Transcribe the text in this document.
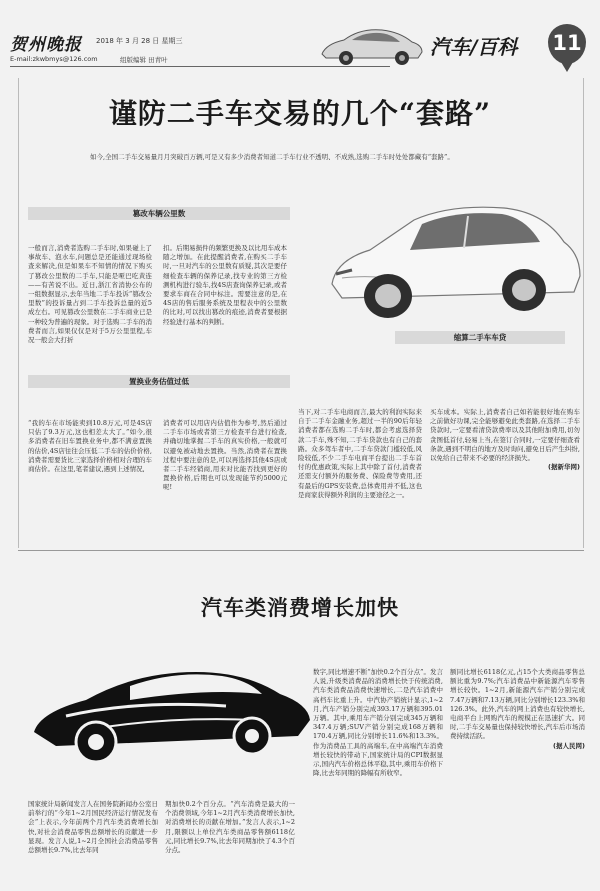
贺州晚报 2018 年 3 月 28 日 星期三
E-mail:zkwbmys@126.com	组版编辑 田青叶
汽车/百科 11
谨防二手车交易的几个“套路”

如今,全国二手车交易量月月突破百万辆,可是又有多少消费者知道二手车行业不透明、不成熟,选购二手车时处处都藏有“套路”。

篡改车辆公里数
置换业务估值过低
缩算二手车车贷

一般而言,消费者选购二手车时,如果碰上了事故车、泡水车,问题总是还能通过现场检查来解决,但是如果车不知情的情况下购买了篡改公里数的二手车,只能是哑巴吃黄连——有苦说不出。近日,浙江省消协公布的一组数据显示,去年当地二手车投诉“篡改公里数”的投诉量占到二手车投诉总量的近5成左右。可见篡改公里数在二手车商业已是一种较为普遍的现象。对于选购二手车的消费者而言,如果仅仅是对于5万公里里程,车况一般会大打折

扣。后期易损件的频繁更换及以比用车成本随之增加。在此提醒消费者,在购买二手车时,一旦对汽车的公里数有质疑,其次是要仔细检查车辆的保养记录,找专业的第三方检测机构进行验车,找4S店查询保养记录,或者要求车商在合同中标注。需要注意的是,在4S店的售后服务系统及里程表中的公里数的比对,可以找出篡改的痕迹,消费者要根据经验进行基本的判断。

“我的车在市场能卖到10.8万元,可是4S店只估了9.3万元,这也相差太大了。”如今,很多消费者在旧车置换业务中,都不满意置换的估价,4S店往往会压低二手车的估价价格,消费者需要货比三家选择价格相对合理的车商估价。在这里,笔者建议,遇到上述情况,

消费者可以用店内估值作为参考,然后通过二手车市场或者第三方检查平台进行检查,并确切地掌握二手车的真实价格,一般就可以避免被动地去置换。当然,消费者在置换过程中要注意的是,可以再选择其他4S店或者二手车经销商,用来对比能否找到更好的置换价格,后期也可以发现能节约5000元呢!

当下,对二手车电商而言,最大的利润实际来自于二手车金融业务,超过一半的90后年轻消费者都在选购二手车时,都会考虑选择贷款二手车,殊不知,二手车贷款也有自己的套路。众多驾车者中,二手车贷款门槛较低,风险较低,不少二手车电商平台提出二手车首付的优惠政策,实际上其中除了首付,消费者还需支付额外的服务费、保险费等费用,还有最后的GPS安装费,总体费用并不低,这也是商家获得额外利润的主要途径之一。

买车成本。实际上,消费者自己如若能很好地在购车之前做好功课,完全能够避免此类套路,在选择二手车贷款时,一定要看清贷款费率以及其他附加费用,切勿贪图低首付,轻易上当,在签订合同时,一定要仔细查看条款,遇到不明白的地方及时询问,避免日后产生纠纷,以免给自己带来不必要的经济损失。
(据新华网)
汽车类消费增长加快

国家统计局新闻发言人在国务院新闻办公室日前举行的“今年1~2月国民经济运行情况发布会”上表示,今年前两个月汽车类消费增长加快,对社会消费品零售总额增长的贡献进一步显现。发言人说,1~2月全国社会消费品零售总额增长9.7%,比去年同

期加快0.2个百分点。“汽车消费是最大的一个消费领域,今年1~2月汽车类消费增长加快,对消费增长的贡献在增加。”发言人表示,1~2月,限额以上单位汽车类商品零售额6118亿元,同比增长9.7%,比去年同期加快了4.3个百分点。

数字,同比增速不断“加快0.2个百分点”。发言人说,升级类消费品的消费增长快于传统消费,汽车类消费品消费快速增长,二是汽车消费中高档车比重上升。中汽协产销统计显示,1~2月,汽车产销分别完成393.17万辆和395.01万辆。其中,乘用车产销分别完成345万辆和347.4万辆;SUV产销分别完成168万辆和170.4万辆,同比分别增长11.6%和13.3%。作为消费品工具的高端车,在中高端汽车消费增长较快的带动下,国家统计局的CPI数据显示,国内汽车价格总体平稳,其中,乘用车价格下降,比去年同期的降幅有所收窄。

额同比增长6118亿元,占15个大类商品零售总额比重为9.7%;汽车消费品中新能源汽车零售增长较快。1~2月,新能源汽车产销分别完成7.47万辆和7.13万辆,同比分别增长123.3%和126.3%。此外,汽车的网上消费也有较快增长,电商平台上网购汽车的规模正在迅速扩大。同时,二手车交易量也保持较快增长,汽车后市场消费持续活跃。
(据人民网)
